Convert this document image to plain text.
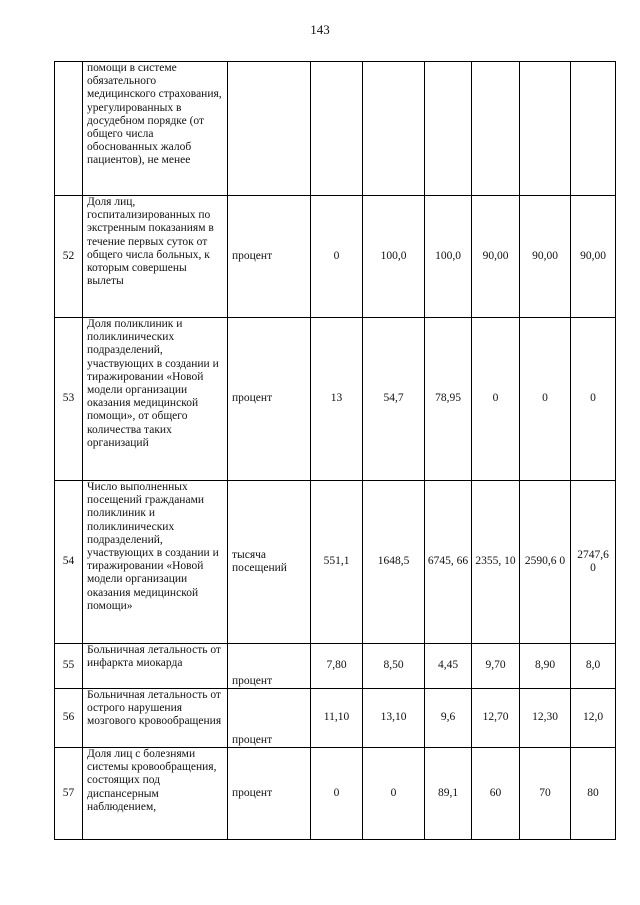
143
	помощи в системе обязательного медицинского страхования, урегулированных в досудебном порядке (от общего числа обоснованных жалоб пациентов), не менее							
52	Доля лиц, госпитализированных по экстренным показаниям в течение первых суток от общего числа больных, к которым совершены вылеты	процент	0	100,0	100,0	90,00	90,00	90,00
53	Доля поликлиник и поликлинических подразделений, участвующих в создании и тиражировании «Новой модели организации оказания медицинской помощи», от общего количества таких организаций	процент	13	54,7	78,95	0	0	0
54	Число выполненных посещений гражданами поликлиник и поликлинических подразделений, участвующих в создании и тиражировании «Новой модели организации оказания медицинской помощи»	тысяча посещений	551,1	1648,5	6745, 66	2355, 10	2590,6 0	2747,6 0
55	Больничная летальность от инфаркта миокарда	процент	7,80	8,50	4,45	9,70	8,90	8,0
56	Больничная летальность от острого нарушения мозгового кровообращения	процент	11,10	13,10	9,6	12,70	12,30	12,0
57	Доля лиц с болезнями системы кровообращения, состоящих под диспансерным наблюдением,	процент	0	0	89,1	60	70	80
